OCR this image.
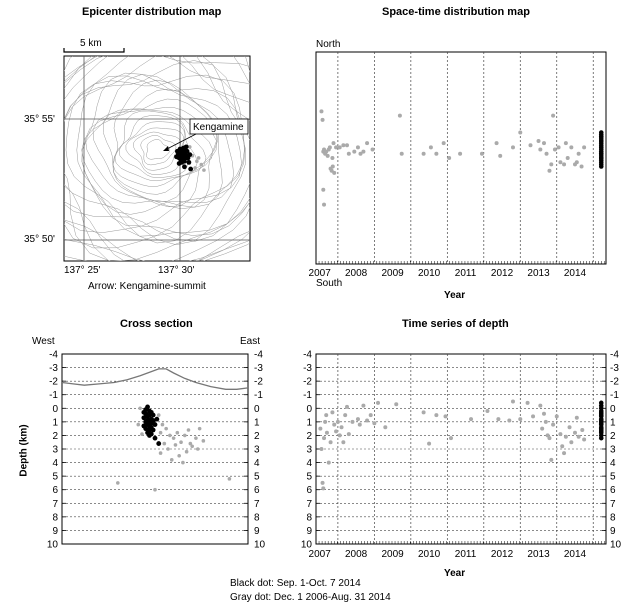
Epicenter distribution map
5 km
35° 55'
35° 50'
137° 25'	137° 30'
Arrow: Kengamine-summit
Space-time distribution map
North
South
Year
Cross section
West	East
Depth (km)
Time series of depth
Year
Black dot: Sep. 1-Oct. 7 2014
Gray dot: Dec. 1 2006-Aug. 31 2014
Kengamine
2007 2008 2009 2010 2011 2012 2013 2014
-4	-4
-3	-3
-2	-2
-1	-1
0	0
1	1
2	2
3	3
4	4
5	5
6	6
7	7
8	8
9	9
10	10
-4	-4
-3	-3
-2	-2
-1	-1
0	0
1	1
2	2
3	3
4	4
5	5
6	6
7	7
8	8
9	9
10	10
2007 2008 2009 2010 2011 2012 2013 2014
